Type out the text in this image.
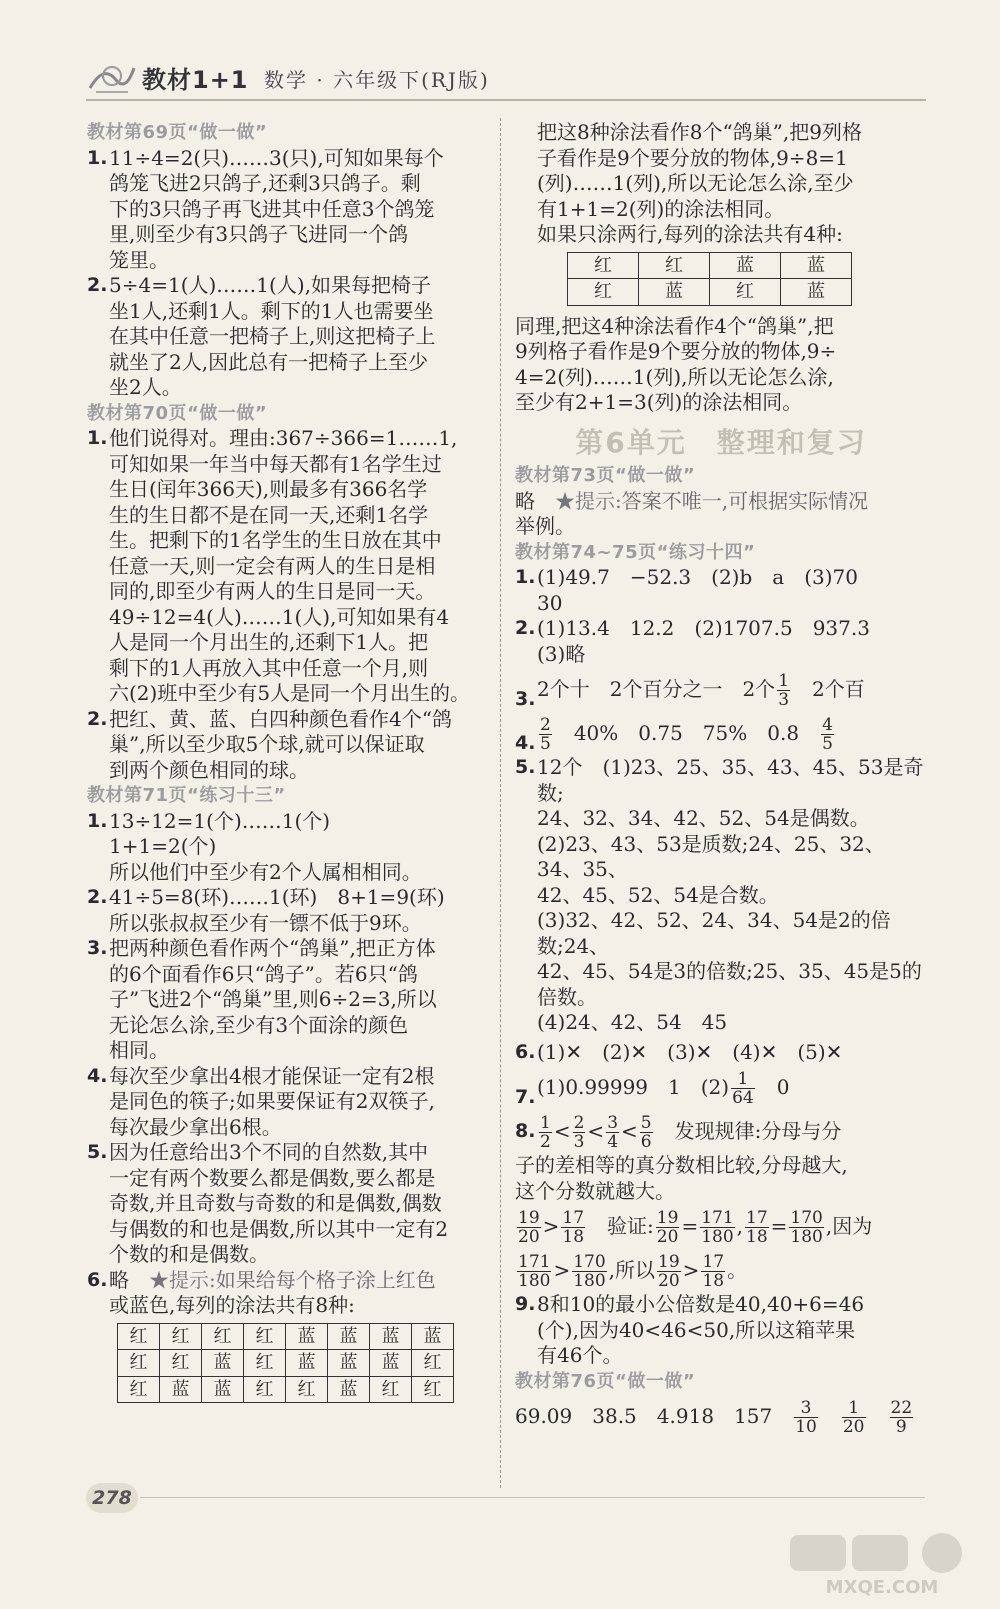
教材1+1 数学 · 六年级下(RJ版)
教材第69页“做一做”
1. 11÷4=2(只)……3(只),可知如果每个
鸽笼飞进2只鸽子,还剩3只鸽子。剩
下的3只鸽子再飞进其中任意3个鸽笼
里,则至少有3只鸽子飞进同一个鸽
笼里。
2. 5÷4=1(人)……1(人),如果每把椅子
坐1人,还剩1人。剩下的1人也需要坐
在其中任意一把椅子上,则这把椅子上
就坐了2人,因此总有一把椅子上至少
坐2人。
教材第70页“做一做”
1. 他们说得对。理由:367÷366=1……1,
可知如果一年当中每天都有1名学生过
生日(闰年366天),则最多有366名学
生的生日都不是在同一天,还剩1名学
生。把剩下的1名学生的生日放在其中
任意一天,则一定会有两人的生日是相
同的,即至少有两人的生日是同一天。
49÷12=4(人)……1(人),可知如果有4
人是同一个月出生的,还剩下1人。把
剩下的1人再放入其中任意一个月,则
六(2)班中至少有5人是同一个月出生的。
2. 把红、黄、蓝、白四种颜色看作4个“鸽
巢”,所以至少取5个球,就可以保证取
到两个颜色相同的球。
教材第71页“练习十三”
1. 13÷12=1(个)……1(个)
1+1=2(个)
所以他们中至少有2个人属相相同。
2. 41÷5=8(环)……1(环)　8+1=9(环)
所以张叔叔至少有一镖不低于9环。
3. 把两种颜色看作两个“鸽巢”,把正方体
的6个面看作6只“鸽子”。若6只“鸽
子”飞进2个“鸽巢”里,则6÷2=3,所以
无论怎么涂,至少有3个面涂的颜色
相同。
4. 每次至少拿出4根才能保证一定有2根
是同色的筷子;如果要保证有2双筷子,
每次最少拿出6根。
5. 因为任意给出3个不同的自然数,其中
一定有两个数要么都是偶数,要么都是
奇数,并且奇数与奇数的和是偶数,偶数
与偶数的和也是偶数,所以其中一定有2
个数的和是偶数。
6. 略　 ★提示:如果给每个格子涂上红色
或蓝色,每列的涂法共有8种:
红	红	红	红	蓝	蓝	蓝	蓝
红	红	蓝	红	蓝	蓝	蓝	红
红	蓝	蓝	红	红	蓝	红	红
把这8种涂法看作8个“鸽巢”,把9列格
子看作是9个要分放的物体,9÷8=1
(列)……1(列),所以无论怎么涂,至少
有1+1=2(列)的涂法相同。
如果只涂两行,每列的涂法共有4种:
红	红	蓝	蓝
红	蓝	红	蓝
同理,把这4种涂法看作4个“鸽巢”,把
9列格子看作是9个要分放的物体,9÷
4=2(列)……1(列),所以无论怎么涂,
至少有2+1=3(列)的涂法相同。
第6单元　整理和复习
教材第73页“做一做”
略　 ★提示:答案不唯一,可根据实际情况
举例。
教材第74~75页“练习十四”
1. (1)49.7　−52.3　(2)b　a　(3)70
30
2. (1)13.4　12.2　(2)1707.5　937.3
(3)略
3. 2个十　2个百分之一　2个 $\frac{1}{3}$ 　2个百
4. $\frac{2}{5}$ 　40%　0.75　75%　0.8　 $\frac{4}{5}$
5. 12个　(1)23、25、35、43、45、53是奇数;
24、32、34、42、52、54是偶数。
(2)23、43、53是质数;24、25、32、34、35、
42、45、52、54是合数。
(3)32、42、52、24、34、54是2的倍数;24、
42、45、54是3的倍数;25、35、45是5的
倍数。
(4)24、42、54　45
6. (1)✕　(2)✕　(3)✕　(4)✕　(5)✕
7. (1)0.99999　1　$(2) \frac{1}{64}$ 　0
8. $\frac{1}{2} < \frac{2}{3} < \frac{3}{4} < \frac{5}{6}$ 　发现规律:分母与分
子的差相等的真分数相比较,分母越大,
这个分数就越大。
$\frac{19}{20} > \frac{17}{18}$ 　验证: $\frac{19}{20} = \frac{171}{180}$ , $\frac{17}{18} = \frac{170}{180}$ ,因为
$\frac{171}{180} > \frac{170}{180}$ ,所以 $\frac{19}{20} > \frac{17}{18}$ 。
9. 8和10的最小公倍数是40,40+6=46
(个),因为40<46<50,所以这箱苹果
有46个。
教材第76页“做一做”
69.09　38.5　4.918　157　 $\frac{3}{10}$
　 $\frac{1}{20}$
　 $\frac{22}{9}$
278
MXQE.COM
